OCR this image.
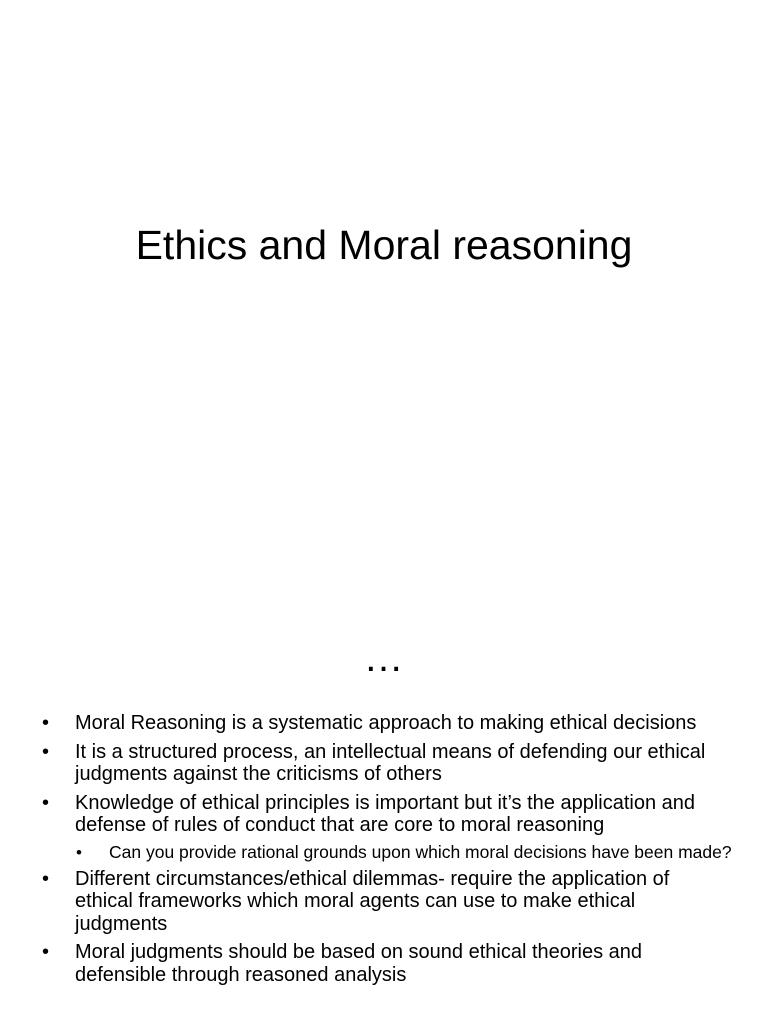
Ethics and Moral reasoning
…
•	Moral Reasoning is a systematic approach to making ethical decisions
•	It is a structured process, an intellectual means of defending our ethical judgments against the criticisms of others
•	Knowledge of ethical principles is important but it’s the application and defense of rules of conduct that are core to moral reasoning
•	Can you provide rational grounds upon which moral decisions have been made?
•	Different circumstances/ethical dilemmas- require the application of ethical frameworks which moral agents can use to make ethical judgments
•	Moral judgments should be based on sound ethical theories and defensible through reasoned analysis
